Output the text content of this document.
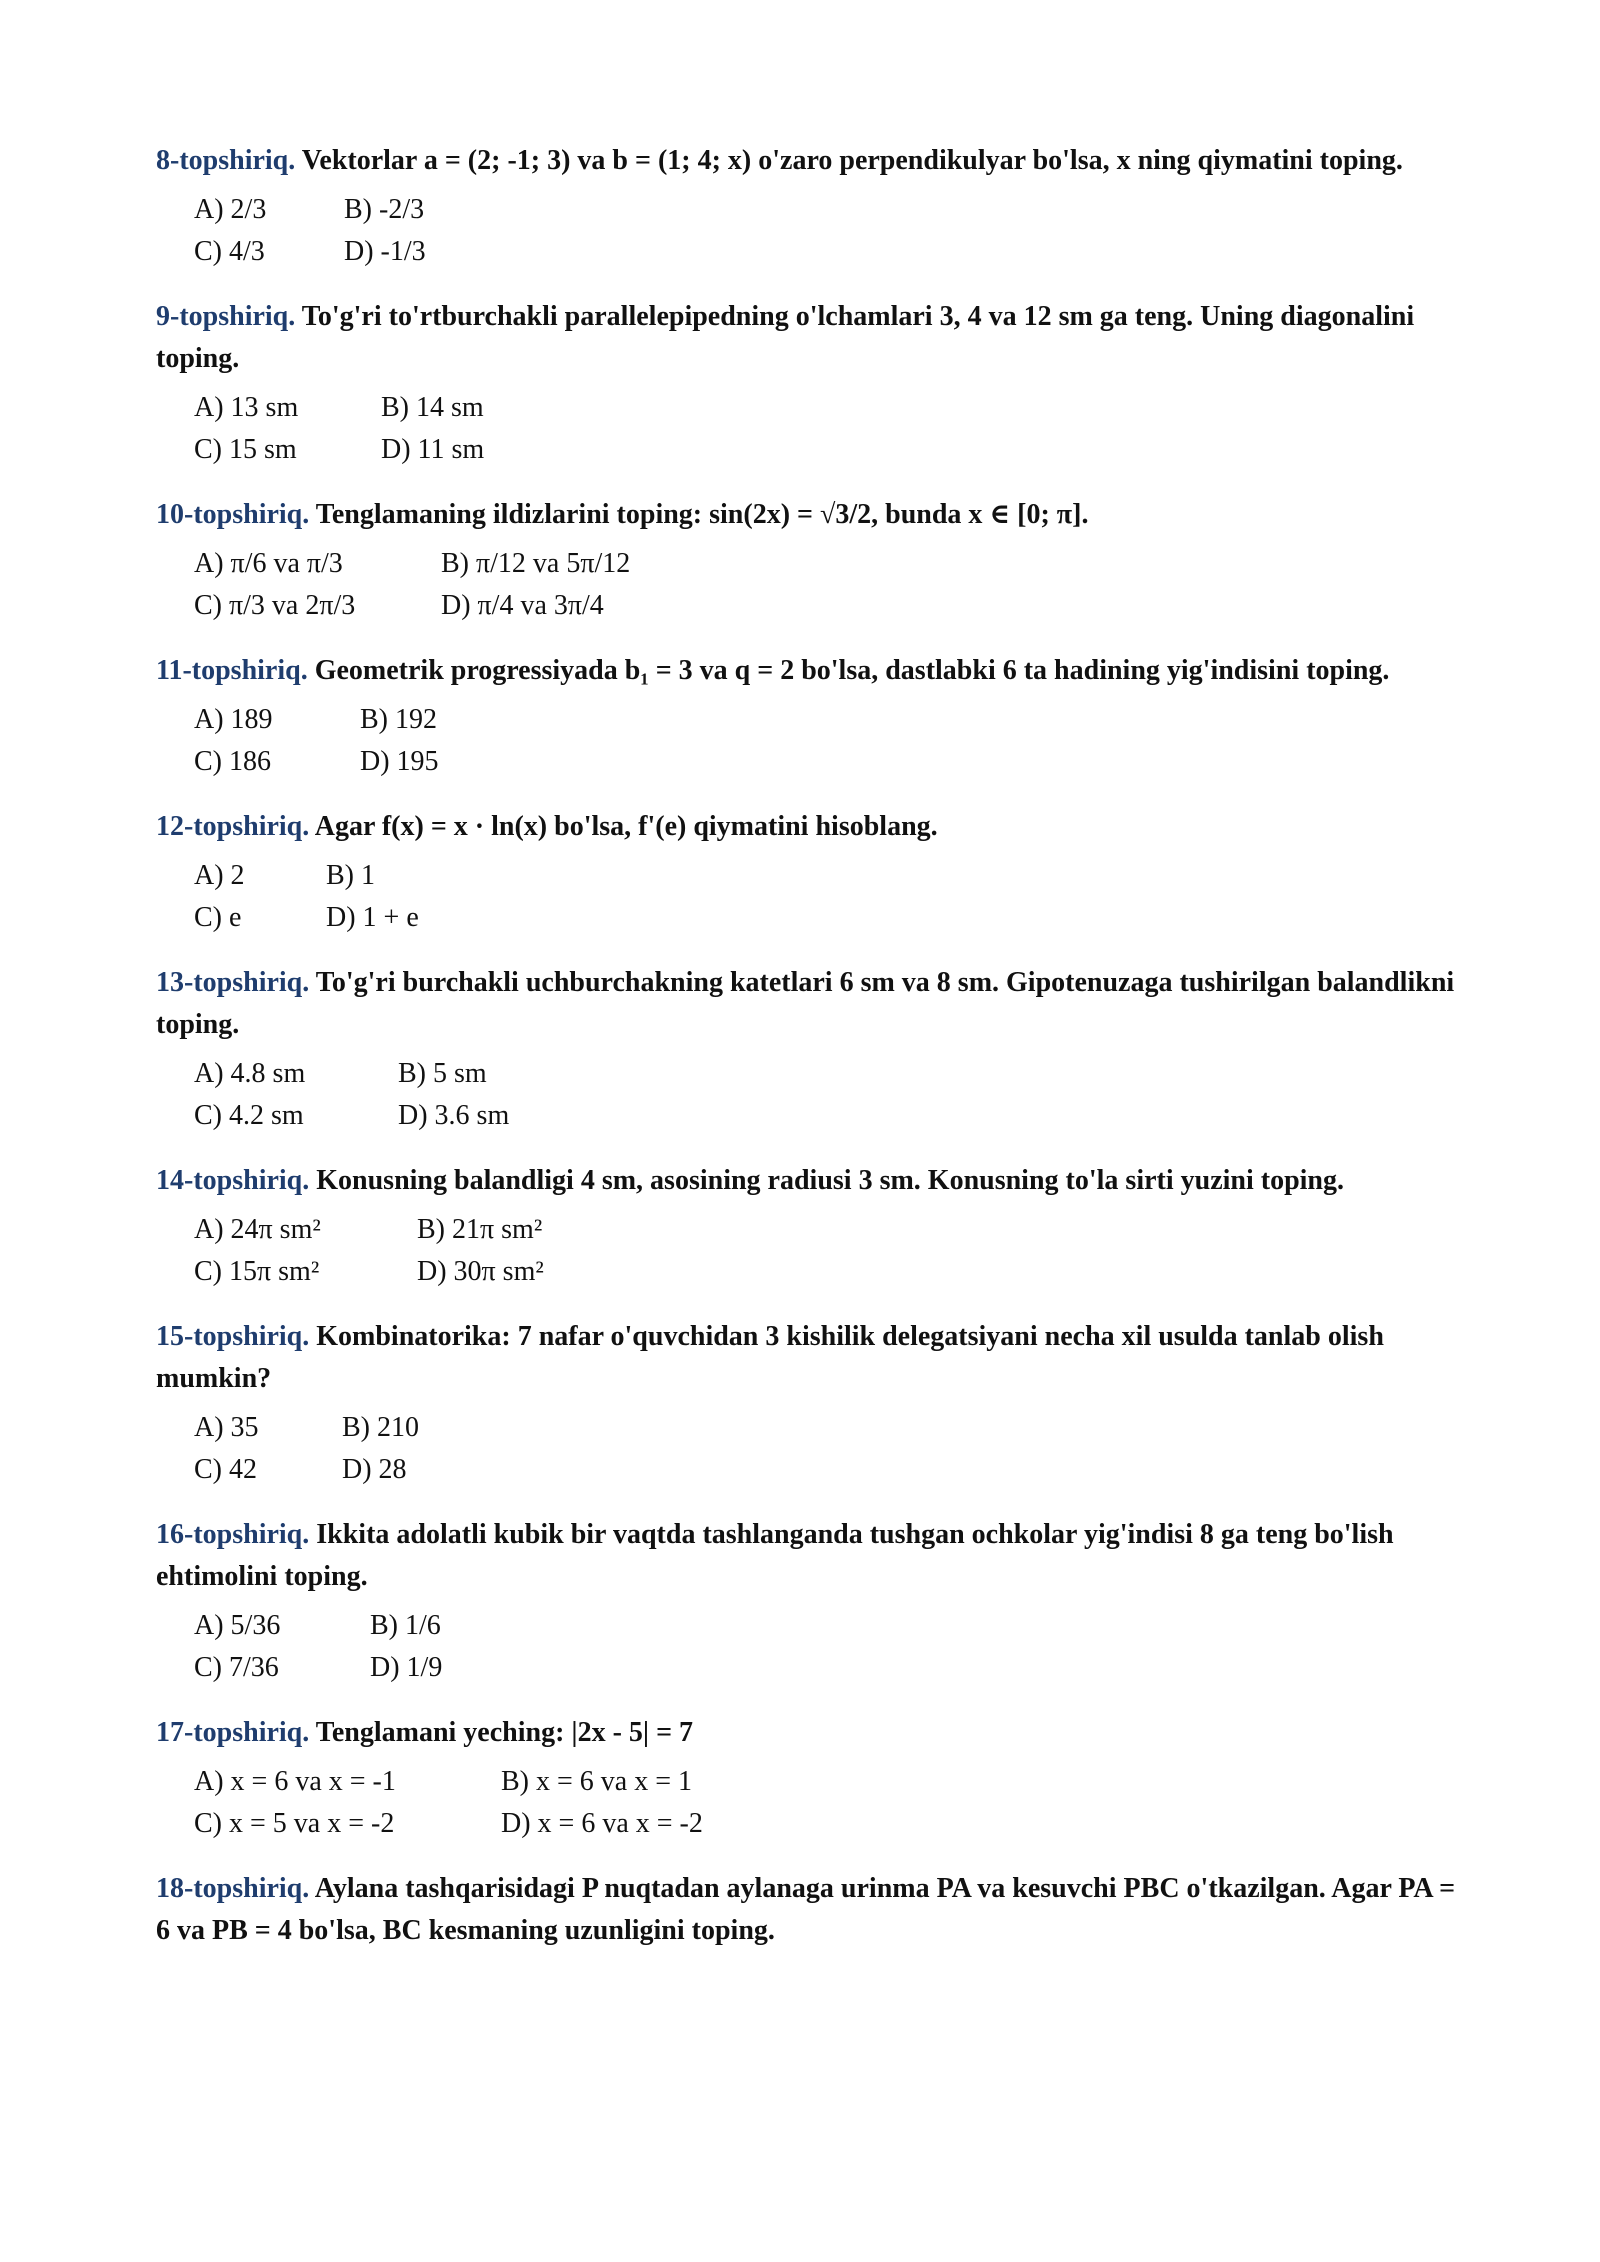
8-topshiriq. Vektorlar a = (2; -1; 3) va b = (1; 4; x) o'zaro perpendikulyar bo'lsa, x ning qiymatini toping.

A) 2/3	B) -2/3
C) 4/3	D) -1/3

9-topshiriq. To'g'ri to'rtburchakli parallelepipedning o'lchamlari 3, 4 va 12 sm ga teng. Uning diagonalini toping.

A) 13 sm	B) 14 sm
C) 15 sm	D) 11 sm

10-topshiriq. Tenglamaning ildizlarini toping: sin(2x) = √3/2, bunda x ∈ [0; π].

A) π/6 va π/3	B) π/12 va 5π/12
C) π/3 va 2π/3	D) π/4 va 3π/4

11-topshiriq. Geometrik progressiyada b₁ = 3 va q = 2 bo'lsa, dastlabki 6 ta hadining yig'indisini toping.

A) 189	B) 192
C) 186	D) 195

12-topshiriq. Agar f(x) = x · ln(x) bo'lsa, f'(e) qiymatini hisoblang.

A) 2	B) 1
C) e	D) 1 + e

13-topshiriq. To'g'ri burchakli uchburchakning katetlari 6 sm va 8 sm. Gipotenuzaga tushirilgan balandlikni toping.

A) 4.8 sm	B) 5 sm
C) 4.2 sm	D) 3.6 sm

14-topshiriq. Konusning balandligi 4 sm, asosining radiusi 3 sm. Konusning to'la sirti yuzini toping.

A) 24π sm²	B) 21π sm²
C) 15π sm²	D) 30π sm²

15-topshiriq. Kombinatorika: 7 nafar o'quvchidan 3 kishilik delegatsiyani necha xil usulda tanlab olish mumkin?

A) 35	B) 210
C) 42	D) 28

16-topshiriq. Ikkita adolatli kubik bir vaqtda tashlanganda tushgan ochkolar yig'indisi 8 ga teng bo'lish ehtimolini toping.

A) 5/36	B) 1/6
C) 7/36	D) 1/9

17-topshiriq. Tenglamani yeching: |2x - 5| = 7

A) x = 6 va x = -1	B) x = 6 va x = 1
C) x = 5 va x = -2	D) x = 6 va x = -2

18-topshiriq. Aylana tashqarisidagi P nuqtadan aylanaga urinma PA va kesuvchi PBC o'tkazilgan. Agar PA = 6 va PB = 4 bo'lsa, BC kesmaning uzunligini toping.
